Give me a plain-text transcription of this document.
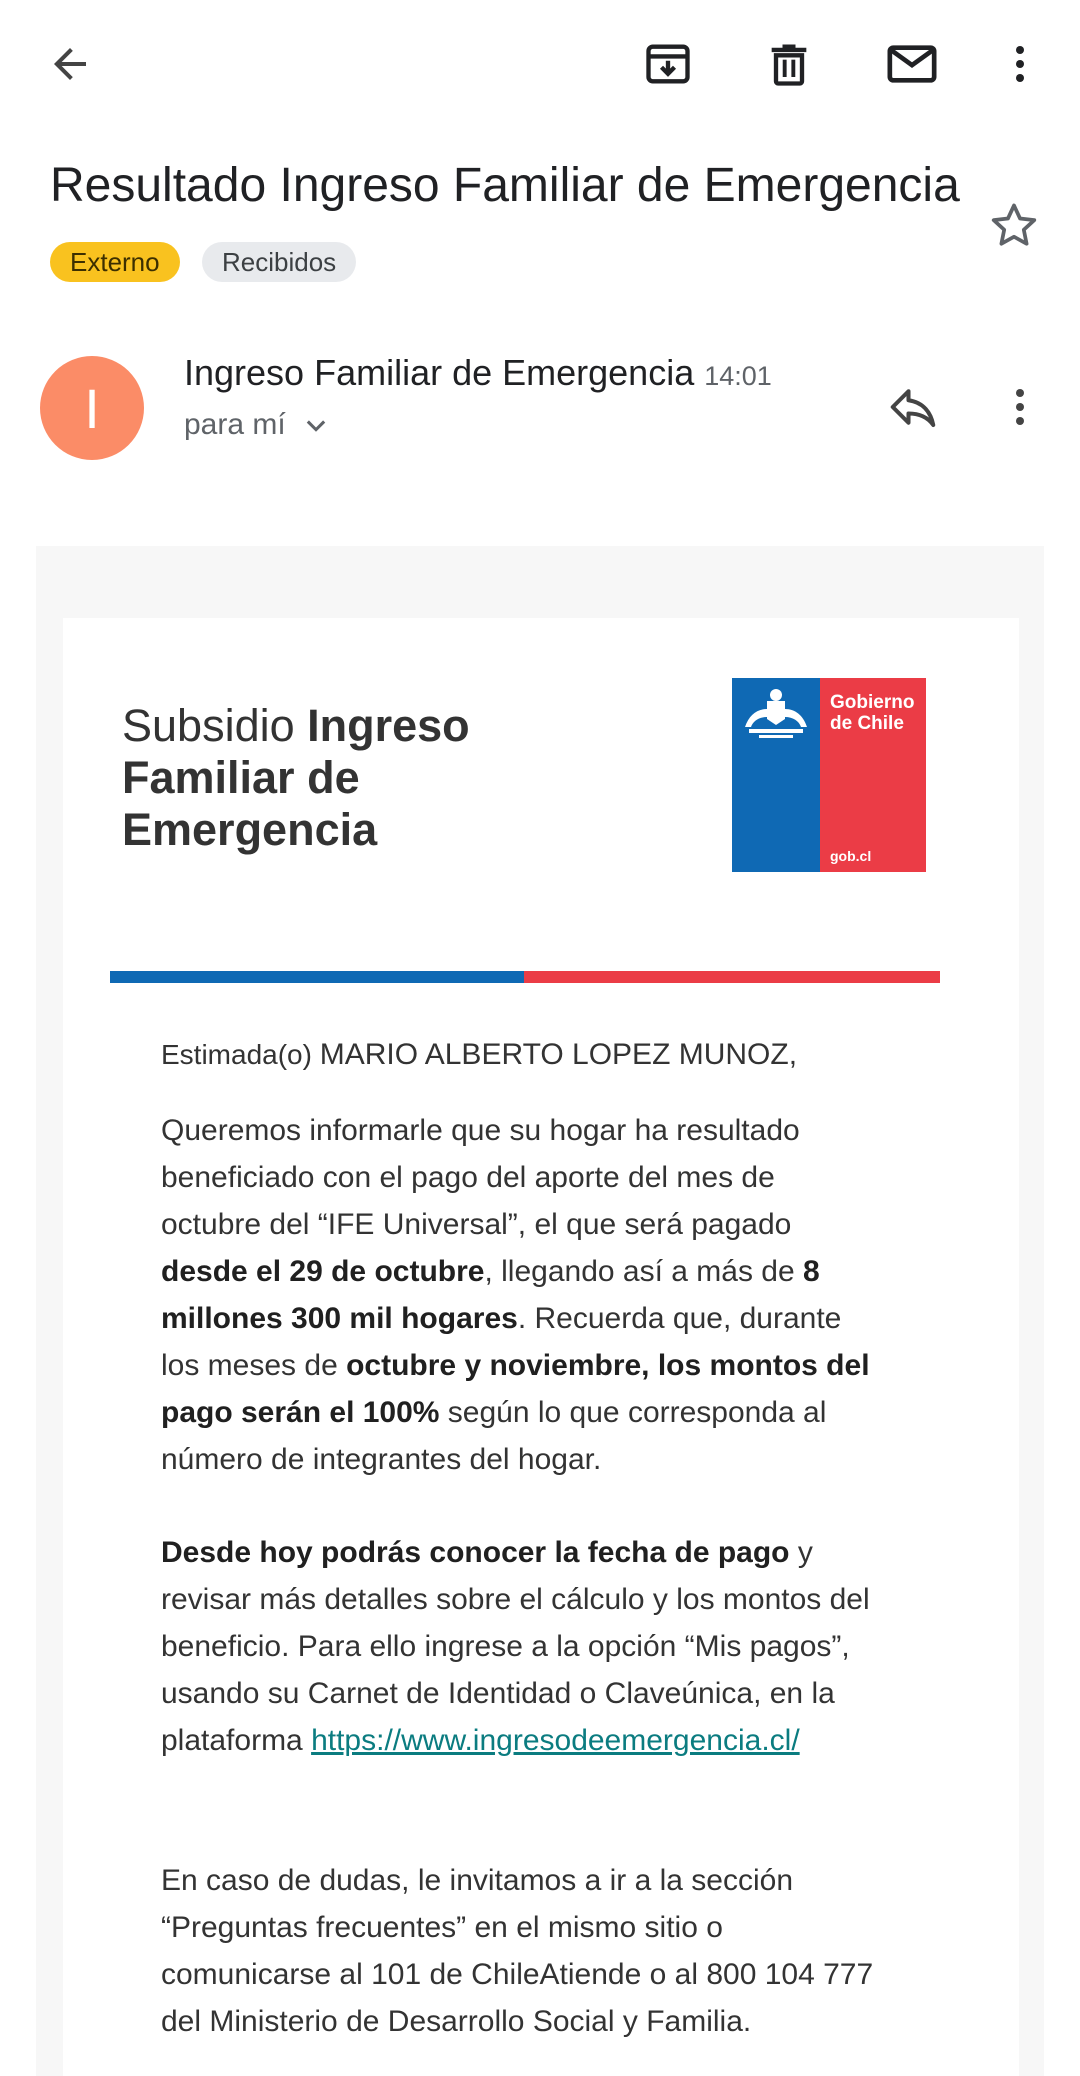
Resultado Ingreso Familiar de Emergencia
Externo	Recibidos
I
Ingreso Familiar de Emergencia 14:01
para mí
Subsidio Ingreso Familiar de Emergencia
Gobierno de Chile
gob.cl
Estimada(o) MARIO ALBERTO LOPEZ MUNOZ,
Queremos informarle que su hogar ha resultado beneficiado con el pago del aporte del mes de octubre del “IFE Universal”, el que será pagado desde el 29 de octubre, llegando así a más de 8 millones 300 mil hogares. Recuerda que, durante los meses de octubre y noviembre, los montos del pago serán el 100% según lo que corresponda al número de integrantes del hogar.
Desde hoy podrás conocer la fecha de pago y revisar más detalles sobre el cálculo y los montos del beneficio. Para ello ingrese a la opción “Mis pagos”, usando su Carnet de Identidad o Claveúnica, en la plataforma https://www.ingresodeemergencia.cl/
En caso de dudas, le invitamos a ir a la sección “Preguntas frecuentes” en el mismo sitio o comunicarse al 101 de ChileAtiende o al 800 104 777 del Ministerio de Desarrollo Social y Familia.
